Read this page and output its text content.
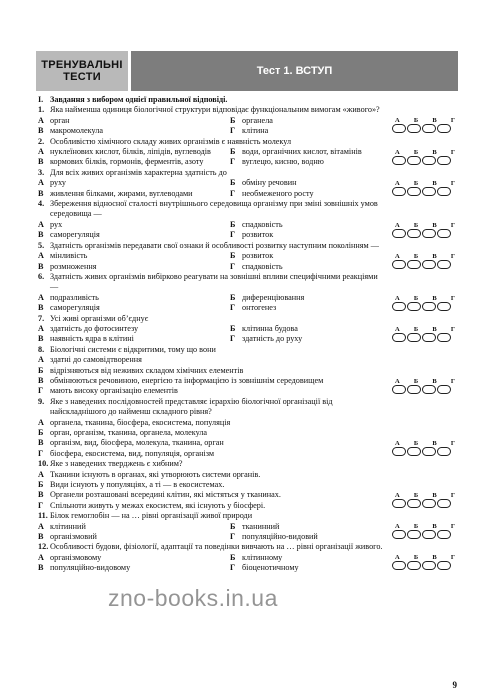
ТРЕНУВАЛЬНІ
ТЕСТИ	Тест 1. ВСТУП
I. Завдання з вибором однієї правильної відповіді.
1. Яка найменша одиниця біологічної структури відповідає функціональним вимогам «живого»?
А орган	Б органела
В макромолекула	Г клітина
А Б В Г
2. Особливістю хімічного складу живих організмів є наявність молекул
А нуклеїнових кислот, білків, ліпідів, вуглеводів Б води, органічних кислот, вітамінів
В кормових білків, гормонів, ферментів, азоту	Г вуглецю, кисню, водню
А Б В Г
3. Для всіх живих організмів характерна здатність до
А руху	Б обміну речовин
В живлення білками, жирами, вуглеводами	Г необмеженого росту
А Б В Г
4. Збереження відносної сталості внутрішнього середовища організму при зміні зовнішніх умов середовища —
А рух	Б спадковість
В саморегуляція	Г розвиток
А Б В Г
5. Здатність організмів передавати свої ознаки й особливості розвитку наступним поколінням —
А мінливість	Б розвиток
В розмноження	Г спадковість
А Б В Г
6. Здатність живих організмів вибірково реагувати на зовнішні впливи специфічними реакціями —
А подразливість	Б диференціювання
В саморегуляція	Г онтогенез
А Б В Г
7. Усі живі організми об’єднує
А здатність до фотосинтезу	Б клітинна будова
В наявність ядра в клітині	Г здатність до руху
А Б В Г
8. Біологічні системи є відкритими, тому що вони
А здатні до самовідтворення
Б відрізняються від неживих складом хімічних елементів
В обмінюються речовиною, енергією та інформацією із зовнішнім середовищем
Г мають високу організацію елементів
А Б В Г
9. Яке з наведених послідовностей представляє ієрархію біологічної організації від найскладнішого до найменш складного рівня?
А органела, тканина, біосфера, екосистема, популяція
Б орган, організм, тканина, органела, молекула
В організм, вид, біосфера, молекула, тканина, орган
Г біосфера, екосистема, вид, популяція, організм
А Б В Г
10. Яке з наведених тверджень є хибним?
А Тканини існують в органах, які утворюють системи органів.
Б Види існують у популяціях, а ті — в екосистемах.
В Органели розташовані всередині клітин, які містяться у тканинах.
Г Спільноти живуть у межах екосистем, які існують у біосфері.
А Б В Г
11. Білок гемоглобін — на … рівні організації живої природи
А клітинний	Б тканинний
В організмовий	Г популяційно-видовий
А Б В Г
12. Особливості будови, фізіології, адаптації та поведінки вивчають на … рівні організації живого.
А організмовому	Б клітинному
В популяційно-видовому	Г біоценотичному
А Б В Г
zno-books.in.ua
9
